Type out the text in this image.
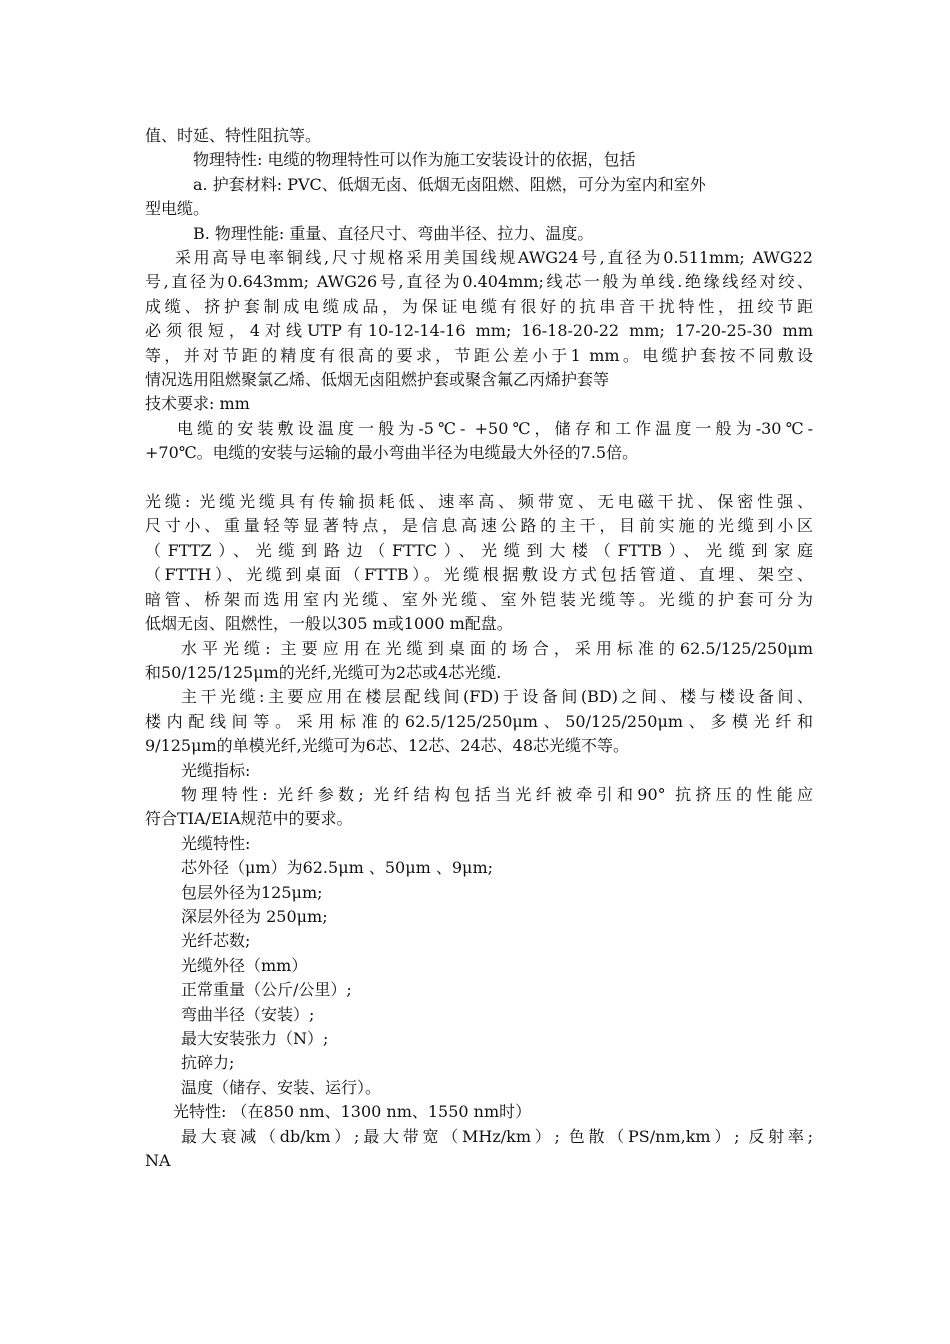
值、时延、特性阻抗等。
物理特性: 电缆的物理特性可以作为施工安装设计的依据，包括
a. 护套材料: PVC、低烟无卤、低烟无卤阻燃、阻燃，可分为室内和室外
型电缆。
B. 物理性能: 重量、直径尺寸、弯曲半径、拉力、温度。
采用高导电率铜线,尺寸规格采用美国线规AWG24号,直径为0.511mm; AWG22
号,直径为0.643mm; AWG26号,直径为0.404mm;线芯一般为单线.绝缘线经对绞、
成缆、挤护套制成电缆成品，为保证电缆有很好的抗串音干扰特性，扭绞节距
必须很短，4对线UTP有10-12-14-16 mm; 16-18-20-22 mm; 17-20-25-30 mm
等，并对节距的精度有很高的要求，节距公差小于1 mm。电缆护套按不同敷设
情况选用阻燃聚氯乙烯、低烟无卤阻燃护套或聚含氟乙丙烯护套等
技术要求: mm
电缆的安装敷设温度一般为-5℃- +50℃，储存和工作温度一般为-30℃-
+70℃。电缆的安装与运输的最小弯曲半径为电缆最大外径的7.5倍。
光缆: 光缆光缆具有传输损耗低、速率高、频带宽、无电磁干扰、保密性强、
尺寸小、重量轻等显著特点，是信息高速公路的主干，目前实施的光缆到小区
（FTTZ）、光缆到路边（FTTC）、光缆到大楼（FTTB）、光缆到家庭
（FTTH）、光缆到桌面（FTTB）。光缆根据敷设方式包括管道、直埋、架空、
暗管、桥架而选用室内光缆、室外光缆、室外铠装光缆等。光缆的护套可分为
低烟无卤、阻燃性，一般以305 m或1000 m配盘。
水平光缆: 主要应用在光缆到桌面的场合，采用标准的62.5/125/250μm
和50/125/125μm的光纤,光缆可为2芯或4芯光缆.
主干光缆:主要应用在楼层配线间(FD)于设备间(BD)之间、楼与楼设备间、
楼内配线间等。采用标准的62.5/125/250μm、50/125/250μm、多模光纤和
9/125μm的单模光纤,光缆可为6芯、12芯、24芯、48芯光缆不等。
光缆指标:
物理特性: 光纤参数; 光纤结构包括当光纤被牵引和90° 抗挤压的性能应
符合TIA/EIA规范中的要求。
光缆特性:
芯外径（μm）为62.5μm 、50μm 、9μm;
包层外径为125μm;
深层外径为 250μm;
光纤芯数;
光缆外径（mm）
正常重量（公斤/公里）;
弯曲半径（安装）;
最大安装张力（N）;
抗碎力;
温度（储存、安装、运行）。
光特性: （在850 nm、1300 nm、1550 nm时）
最大衰减（db/km）;最大带宽（MHz/km）; 色散（PS/nm,km）; 反射率;
NA
